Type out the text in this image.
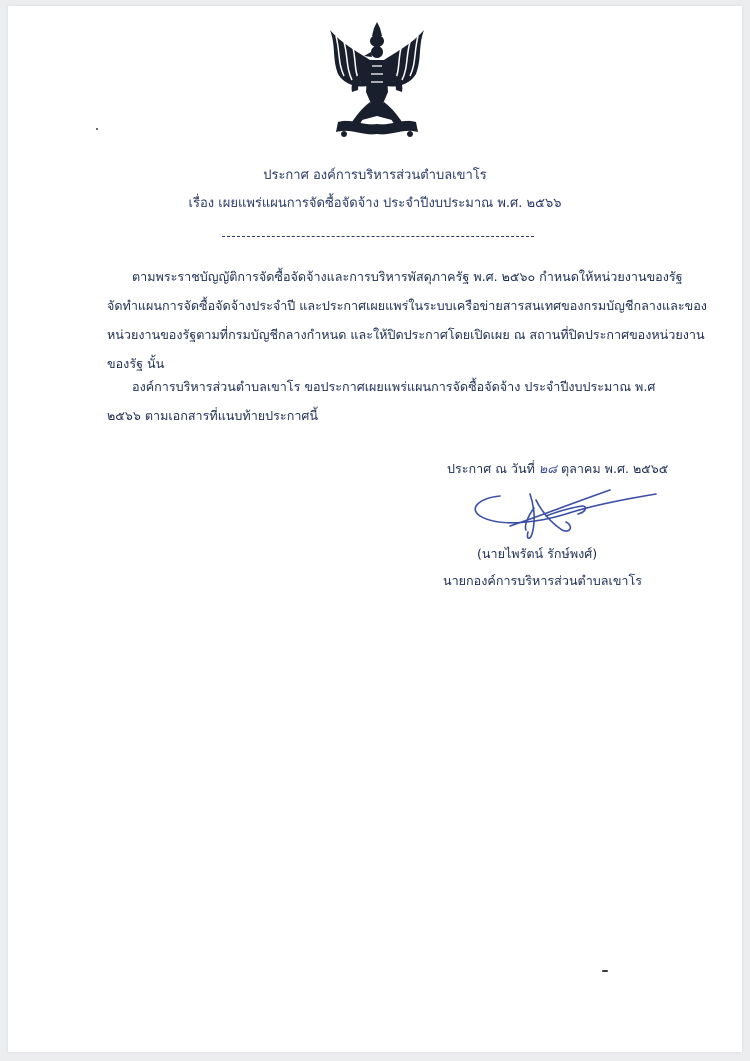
ประกาศ องค์การบริหารส่วนตำบลเขาโร
เรื่อง เผยแพร่แผนการจัดซื้อจัดจ้าง ประจำปีงบประมาณ พ.ศ. ๒๕๖๖
ตามพระราชบัญญัติการจัดซื้อจัดจ้างและการบริหารพัสดุภาครัฐ พ.ศ. ๒๕๖๐ กำหนดให้หน่วยงานของรัฐ
จัดทำแผนการจัดซื้อจัดจ้างประจำปี และประกาศเผยแพร่ในระบบเครือข่ายสารสนเทศของกรมบัญชีกลางและของ
หน่วยงานของรัฐตามที่กรมบัญชีกลางกำหนด และให้ปิดประกาศโดยเปิดเผย ณ สถานที่ปิดประกาศของหน่วยงาน
ของรัฐ นั้น
องค์การบริหารส่วนตำบลเขาโร ขอประกาศเผยแพร่แผนการจัดซื้อจัดจ้าง ประจำปีงบประมาณ พ.ศ
๒๕๖๖ ตามเอกสารที่แนบท้ายประกาศนี้
ประกาศ ณ วันที่ ๒๘ ตุลาคม พ.ศ. ๒๕๖๕
(นายไพรัตน์ รักษ์พงศ์)
นายกองค์การบริหารส่วนตำบลเขาโร
